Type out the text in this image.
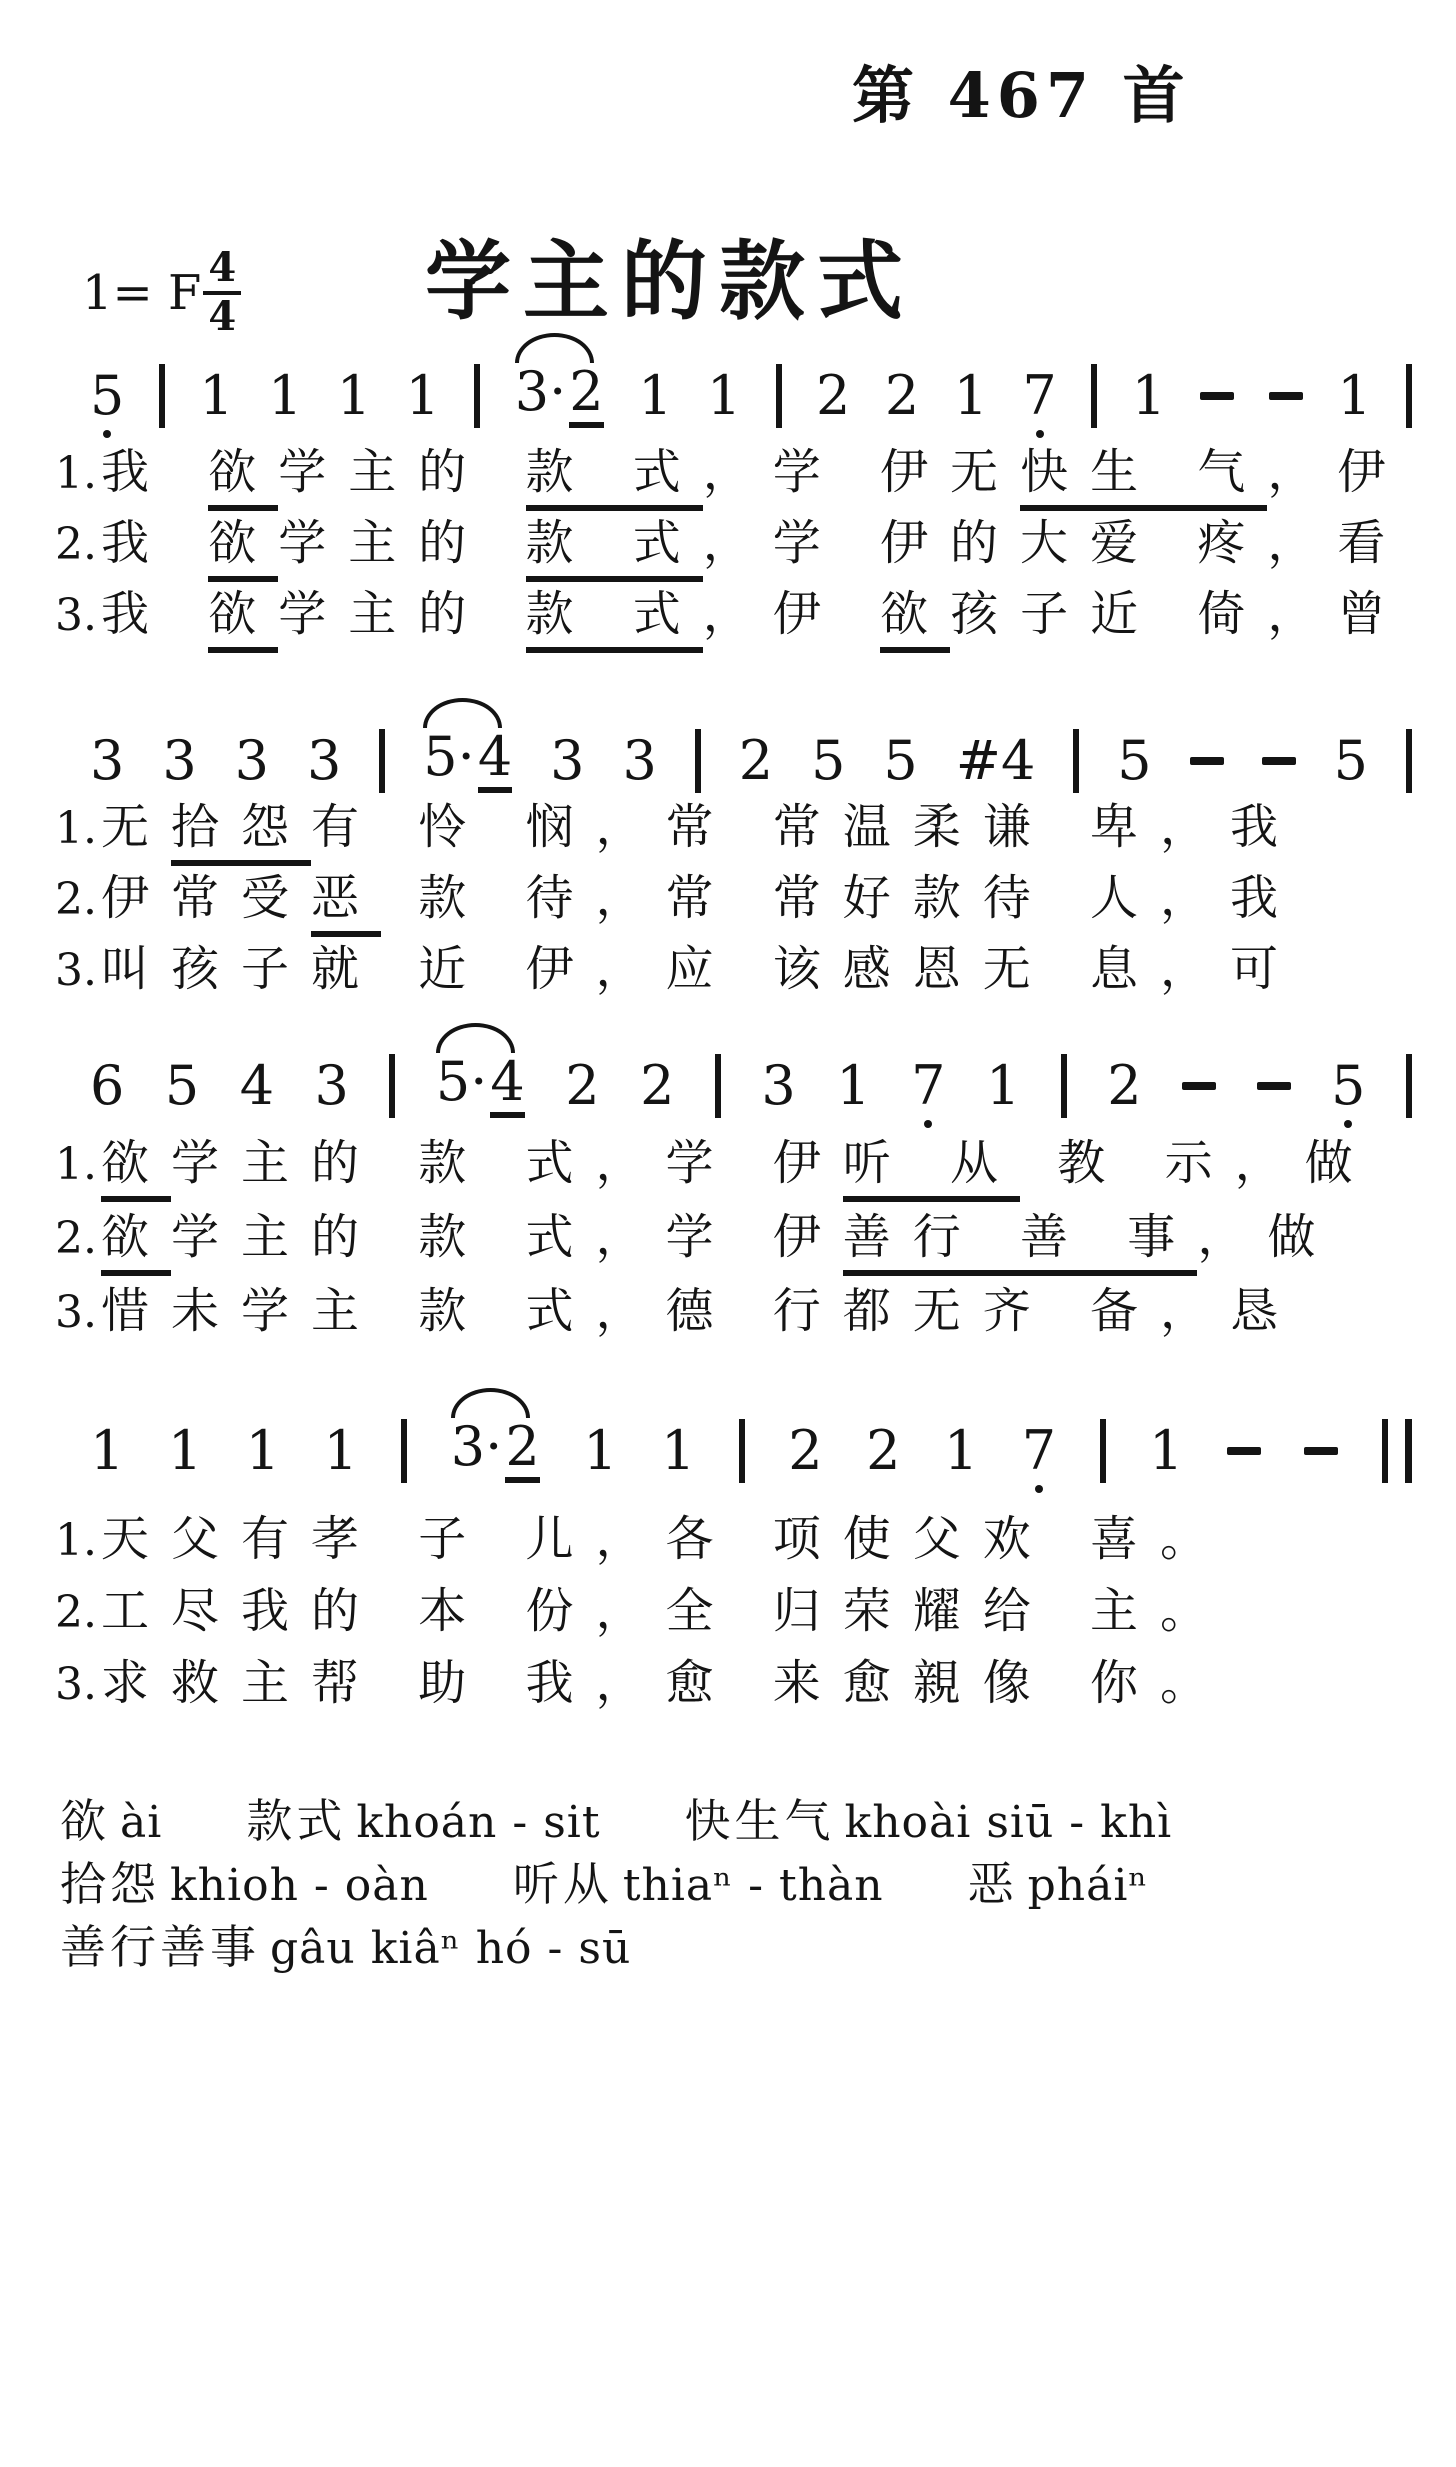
第 467 首
1= F 4
4 学主的款式
5 1 1 1 1 3· 2 1 1 2 2 1 7 1	1
1. 我 欲 学主的 款 式 ，学 伊无 快生 气 ，伊
2. 我 欲 学主的 款 式 ，学 伊的大爱 疼，看
3. 我 欲 学主的 款 式 ，伊 欲 孩子近 倚，曾
3 3 3 3 5· 4 3 3 2 5 5 #4 5	5
1. 无 拾怨 有 怜 悯，常 常温柔谦 卑，我
2. 伊常受 恶 款 待，常 常好款待 人，我
3. 叫孩子就 近 伊，应 该感恩无 息，可
6 5 4 3 5· 4 2 2 3 1 7 1 2	5
1. 欲 学主的 款 式，学 伊 听 从 教 示，做
2. 欲 学主的 款 式，学 伊 善行 善 事 ，做
3. 惜未学主 款 式，德 行都无齐 备，恳
1 1 1 1 3· 2 1 1 2 2 1 7 1
1. 天父有孝 子 儿，各 项使父欢 喜。
2. 工尽我的 本 份，全 归荣耀给 主。
3. 求救主帮 助 我，愈 来愈親像 你。
欲 ài 款式 khoán - sit 快生气 khoài siū - khì
拾怨 khioh - oàn 听从 thiaⁿ - thàn 恶 pháiⁿ
善行善事 gâu kiâⁿ hó - sū
